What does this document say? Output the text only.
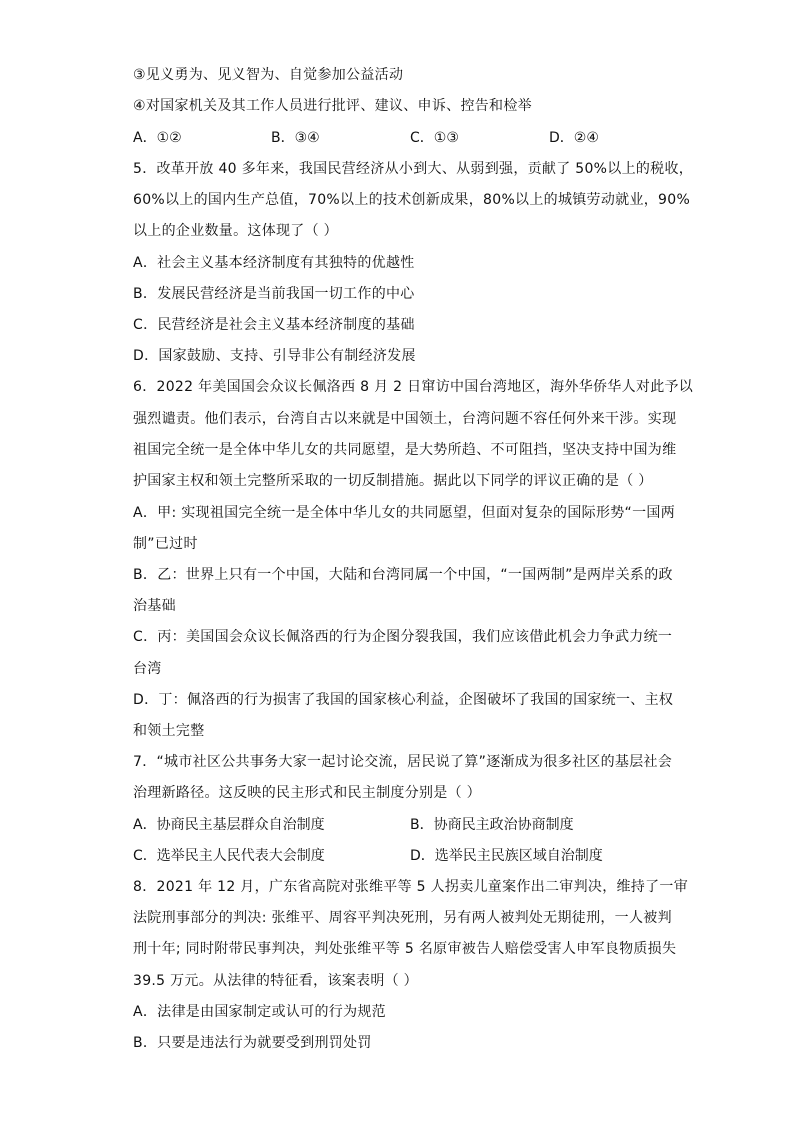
③见义勇为、见义智为、自觉参加公益活动
④对国家机关及其工作人员进行批评、建议、申诉、控告和检举
A．①②	B．③④	C．①③	D．②④
5．改革开放 40 多年来，我国民营经济从小到大、从弱到强，贡献了 50%以上的税收，
60%以上的国内生产总值，70%以上的技术创新成果，80%以上的城镇劳动就业，90%
以上的企业数量。这体现了（ ）
A．社会主义基本经济制度有其独特的优越性
B．发展民营经济是当前我国一切工作的中心
C．民营经济是社会主义基本经济制度的基础
D．国家鼓励、支持、引导非公有制经济发展
6．2022 年美国国会众议长佩洛西 8 月 2 日窜访中国台湾地区，海外华侨华人对此予以
强烈谴责。他们表示，台湾自古以来就是中国领土，台湾问题不容任何外来干涉。实现
祖国完全统一是全体中华儿女的共同愿望，是大势所趋、不可阻挡，坚决支持中国为维
护国家主权和领土完整所采取的一切反制措施。据此以下同学的评议正确的是（ ）
A．甲: 实现祖国完全统一是全体中华儿女的共同愿望，但面对复杂的国际形势“一国两
制”已过时
B．乙：世界上只有一个中国，大陆和台湾同属一个中国，“一国两制”是两岸关系的政
治基础
C．丙：美国国会众议长佩洛西的行为企图分裂我国，我们应该借此机会力争武力统一
台湾
D．丁：佩洛西的行为损害了我国的国家核心利益，企图破坏了我国的国家统一、主权
和领土完整
7．“城市社区公共事务大家一起讨论交流，居民说了算”逐渐成为很多社区的基层社会
治理新路径。这反映的民主形式和民主制度分别是（ ）
A．协商民主基层群众自治制度	B．协商民主政治协商制度
C．选举民主人民代表大会制度	D．选举民主民族区域自治制度
8．2021 年 12 月，广东省高院对张维平等 5 人拐卖儿童案作出二审判决，维持了一审
法院刑事部分的判决: 张维平、周容平判决死刑，另有两人被判处无期徒刑，一人被判
刑十年; 同时附带民事判决，判处张维平等 5 名原审被告人赔偿受害人申军良物质损失
39.5 万元。从法律的特征看，该案表明（ ）
A．法律是由国家制定或认可的行为规范
B．只要是违法行为就要受到刑罚处罚
